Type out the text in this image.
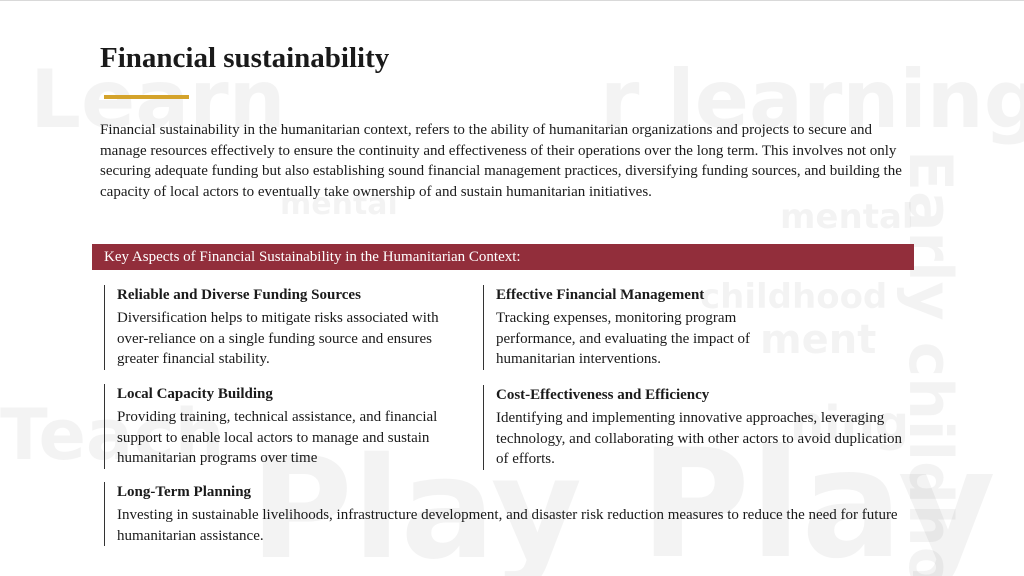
Financial sustainability

Financial sustainability in the humanitarian context, refers to the ability of humanitarian organizations and projects to secure and manage resources effectively to ensure the continuity and effectiveness of their operations over the long term. This involves not only securing adequate funding but also establishing sound financial management practices, diversifying funding sources, and building the capacity of local actors to eventually take ownership of and sustain humanitarian initiatives.

Key Aspects of Financial Sustainability in the Humanitarian Context:
Reliable and Diverse Funding Sources
Diversification helps to mitigate risks associated with over-reliance on a single funding source and ensures greater financial stability.
Effective Financial Management
Tracking expenses, monitoring program performance, and evaluating the impact of humanitarian interventions.
Local Capacity Building
Providing training, technical assistance, and financial support to enable local actors to manage and sustain humanitarian programs over time
Cost-Effectiveness and Efficiency
Identifying and implementing innovative approaches, leveraging technology, and collaborating with other actors to avoid duplication of efforts.
Long-Term Planning
Investing in sustainable livelihoods, infrastructure development, and disaster risk reduction measures to reduce the need for future humanitarian assistance.
